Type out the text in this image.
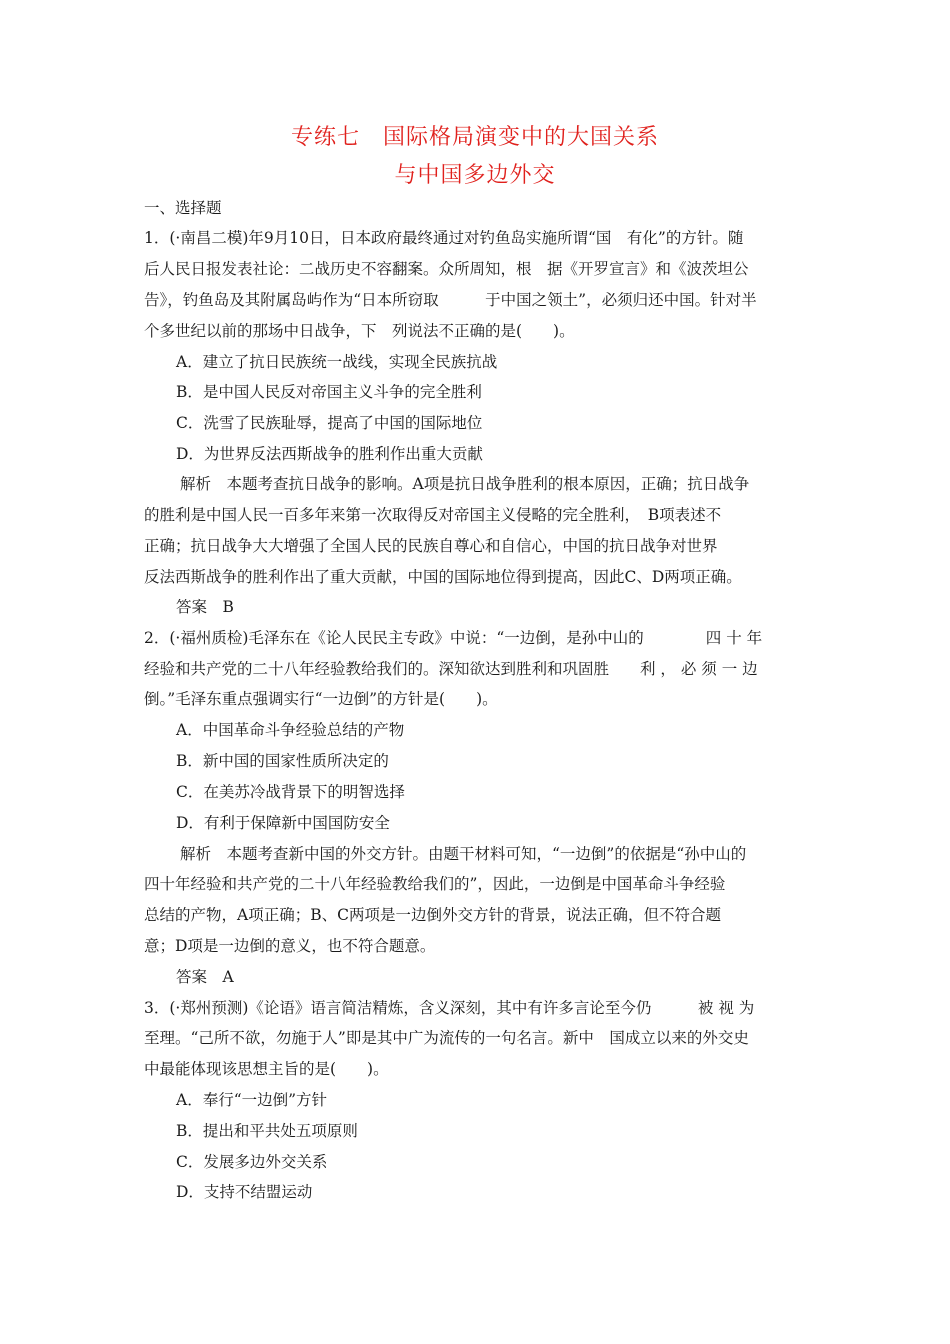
专练七　国际格局演变中的大国关系
与中国多边外交
一、选择题
1．(·南昌二模)年9月10日，日本政府最终通过对钓鱼岛实施所谓“国　有化”的方针。随
后人民日报发表社论：二战历史不容翻案。众所周知，根　据《开罗宣言》和《波茨坦公
告》，钓鱼岛及其附属岛屿作为“日本所窃取　　　于中国之领土”，必须归还中国。针对半
个多世纪以前的那场中日战争，下　列说法不正确的是(　　)。
A．建立了抗日民族统一战线，实现全民族抗战
B．是中国人民反对帝国主义斗争的完全胜利
C．洗雪了民族耻辱，提高了中国的国际地位
D．为世界反法西斯战争的胜利作出重大贡献
解析　本题考查抗日战争的影响。A项是抗日战争胜利的根本原因，正确；抗日战争
的胜利是中国人民一百多年来第一次取得反对帝国主义侵略的完全胜利，　B项表述不
正确；抗日战争大大增强了全国人民的民族自尊心和自信心，中国的抗日战争对世界
反法西斯战争的胜利作出了重大贡献，中国的国际地位得到提高，因此C、D两项正确。
答案　B
2．(·福州质检)毛泽东在《论人民民主专政》中说：“一边倒，是孙中山的　　　　四 十 年
经验和共产党的二十八年经验教给我们的。深知欲达到胜利和巩固胜　　利 ， 必 须 一 边
倒。”毛泽东重点强调实行“一边倒”的方针是(　　)。
A．中国革命斗争经验总结的产物
B．新中国的国家性质所决定的
C．在美苏冷战背景下的明智选择
D．有利于保障新中国国防安全
解析　本题考查新中国的外交方针。由题干材料可知，“一边倒”的依据是“孙中山的
四十年经验和共产党的二十八年经验教给我们的”，因此，一边倒是中国革命斗争经验
总结的产物，A项正确；B、C两项是一边倒外交方针的背景，说法正确，但不符合题
意；D项是一边倒的意义，也不符合题意。
答案　A
3．(·郑州预测)《论语》语言简洁精炼，含义深刻，其中有许多言论至今仍　　　被 视 为
至理。“己所不欲，勿施于人”即是其中广为流传的一句名言。新中　国成立以来的外交史
中最能体现该思想主旨的是(　　)。
A．奉行“一边倒”方针
B．提出和平共处五项原则
C．发展多边外交关系
D．支持不结盟运动
